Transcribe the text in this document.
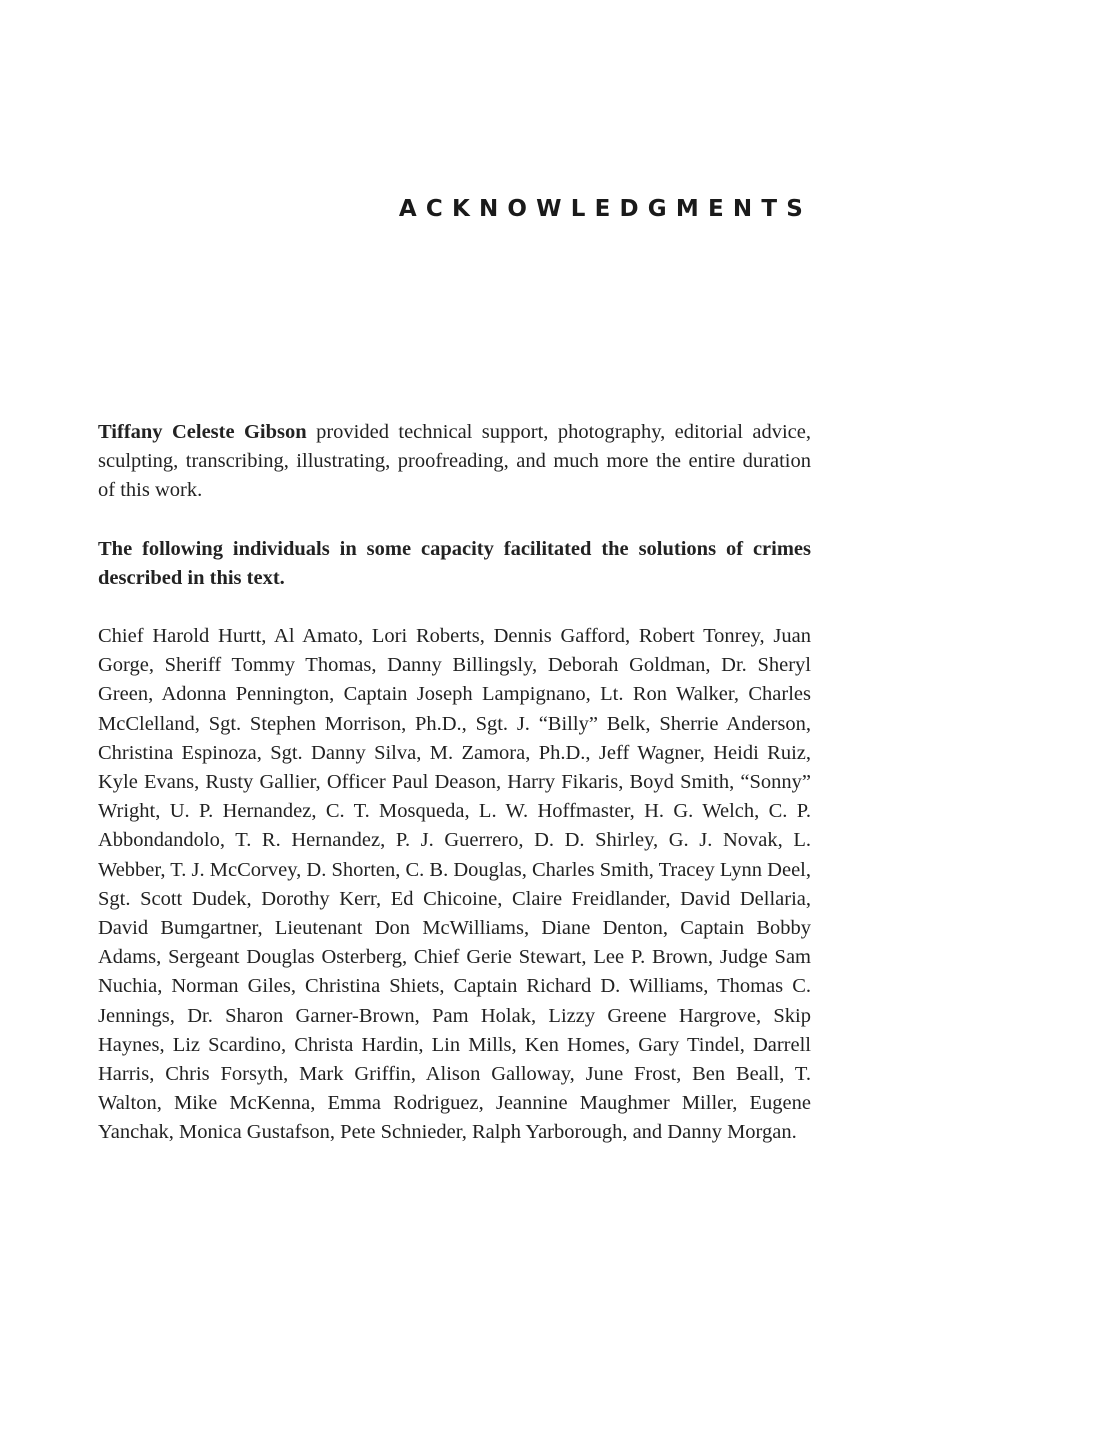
ACKNOWLEDGMENTS

Tiffany Celeste Gibson provided technical support, photography, editorial advice, sculpting, transcribing, illustrating, proofreading, and much more the entire duration of this work.

The following individuals in some capacity facilitated the solutions of crimes described in this text.

Chief Harold Hurtt, Al Amato, Lori Roberts, Dennis Gafford, Robert Tonrey, Juan Gorge, Sheriff Tommy Thomas, Danny Billingsly, Deborah Goldman, Dr. Sheryl Green, Adonna Pennington, Captain Joseph Lampignano, Lt. Ron Walker, Charles McClelland, Sgt. Stephen Morrison, Ph.D., Sgt. J. “Billy” Belk, Sherrie Anderson, Christina Espinoza, Sgt. Danny Silva, M. Zamora, Ph.D., Jeff Wagner, Heidi Ruiz, Kyle Evans, Rusty Gallier, Officer Paul Deason, Harry Fikaris, Boyd Smith, “Sonny” Wright, U. P. Hernandez, C. T. Mosqueda, L. W. Hoffmaster, H. G. Welch, C. P. Abbondandolo, T. R. Hernandez, P. J. Guerrero, D. D. Shirley, G. J. Novak, L. Webber, T. J. McCorvey, D. Shorten, C. B. Douglas, Charles Smith, Tracey Lynn Deel, Sgt. Scott Dudek, Dorothy Kerr, Ed Chicoine, Claire Freidlander, David Dellaria, David Bumgartner, Lieutenant Don McWilliams, Diane Denton, Captain Bobby Adams, Sergeant Douglas Osterberg, Chief Gerie Stewart, Lee P. Brown, Judge Sam Nuchia, Norman Giles, Christina Shiets, Captain Richard D. Williams, Thomas C. Jennings, Dr. Sharon Garner-Brown, Pam Holak, Lizzy Greene Hargrove, Skip Haynes, Liz Scardino, Christa Hardin, Lin Mills, Ken Homes, Gary Tindel, Darrell Harris, Chris Forsyth, Mark Griffin, Alison Galloway, June Frost, Ben Beall, T. Walton, Mike McKenna, Emma Rodriguez, Jeannine Maughmer Miller, Eugene Yanchak, Monica Gustafson, Pete Schnieder, Ralph Yarborough, and Danny Morgan.
